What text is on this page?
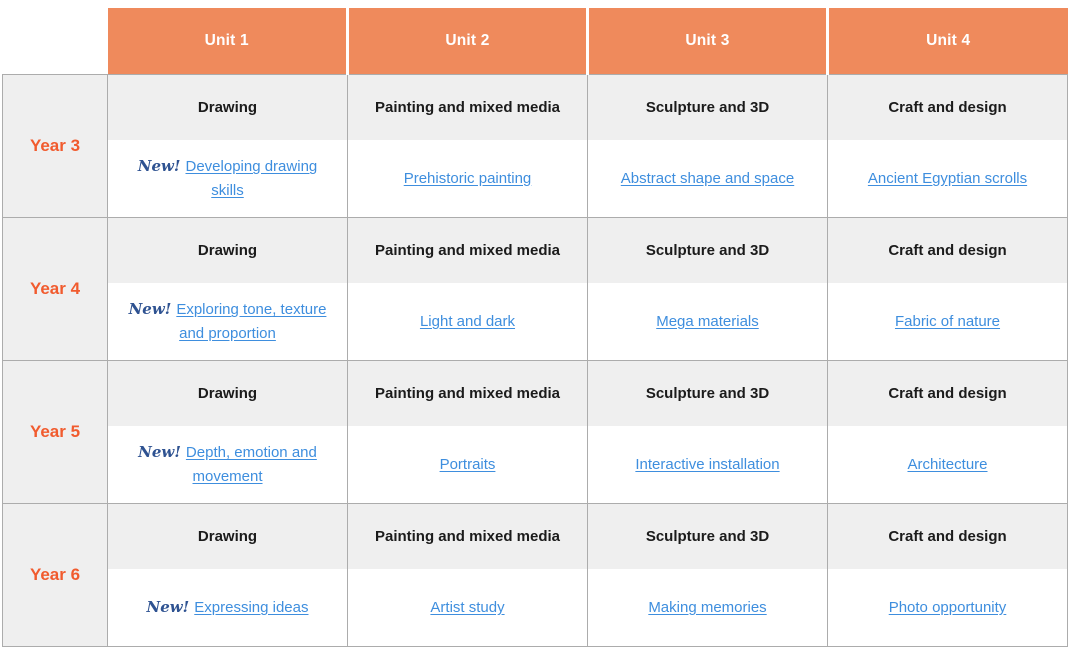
	Unit 1	Unit 2	Unit 3	Unit 4
Year 3	Drawing	Painting and mixed media	Sculpture and 3D	Craft and design
	New! Developing drawing skills	Prehistoric painting	Abstract shape and space	Ancient Egyptian scrolls
Year 4	Drawing	Painting and mixed media	Sculpture and 3D	Craft and design
	New! Exploring tone, texture and proportion	Light and dark	Mega materials	Fabric of nature
Year 5	Drawing	Painting and mixed media	Sculpture and 3D	Craft and design
	New! Depth, emotion and movement	Portraits	Interactive installation	Architecture
Year 6	Drawing	Painting and mixed media	Sculpture and 3D	Craft and design
	New! Expressing ideas	Artist study	Making memories	Photo opportunity
